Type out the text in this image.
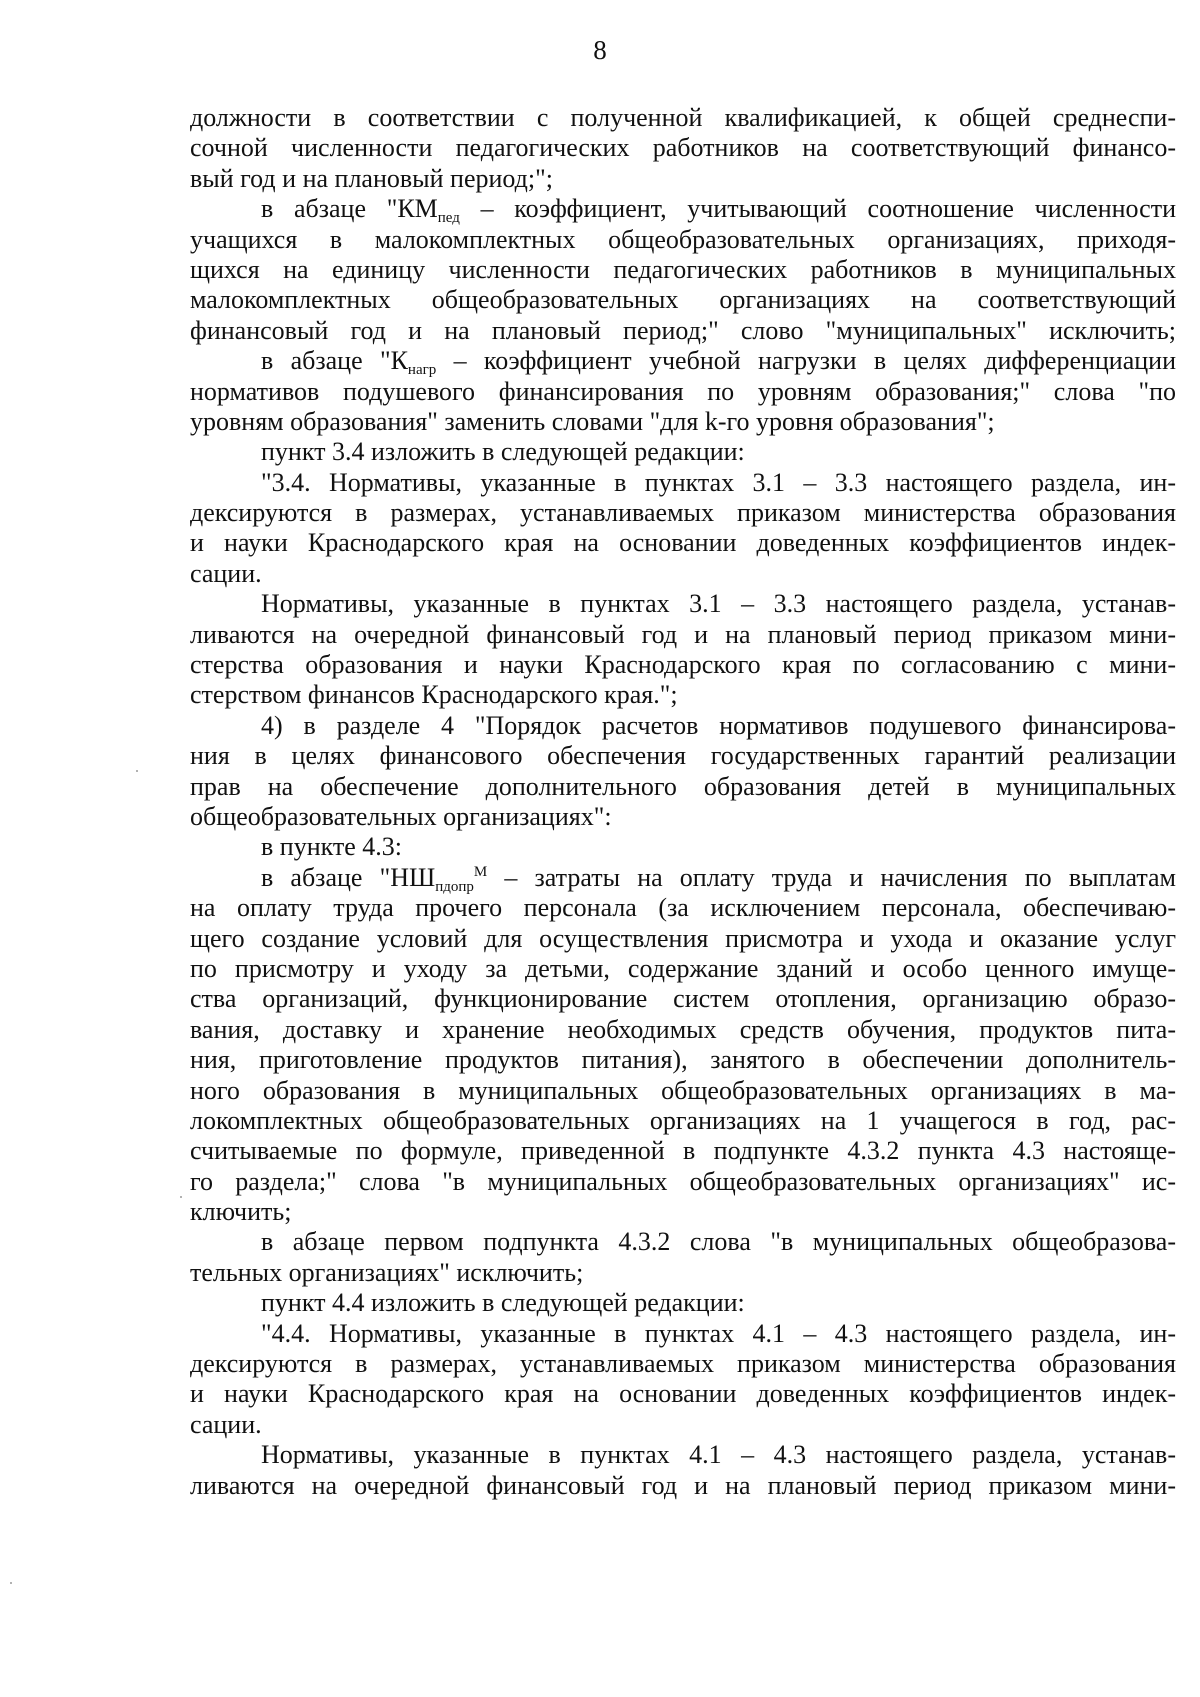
8
должности в соответствии с полученной квалификацией, к общей среднеспи-
сочной численности педагогических работников на соответствующий финансо-
вый год и на плановый период;";
в абзаце "$КМ_{пед}$ – коэффициент, учитывающий соотношение численности
учащихся в малокомплектных общеобразовательных организациях, приходя-
щихся на единицу численности педагогических работников в муниципальных
малокомплектных общеобразовательных организациях на соответствующий
финансовый год и на плановый период;" слово "муниципальных" исключить;
в абзаце "$К_{нагр}$ – коэффициент учебной нагрузки в целях дифференциации
нормативов подушевого финансирования по уровням образования;" слова "по
уровням образования" заменить словами "для k-го уровня образования";
пункт 3.4 изложить в следующей редакции:
"3.4. Нормативы, указанные в пунктах 3.1 – 3.3 настоящего раздела, ин-
дексируются в размерах, устанавливаемых приказом министерства образования
и науки Краснодарского края на основании доведенных коэффициентов индек-
сации.
Нормативы, указанные в пунктах 3.1 – 3.3 настоящего раздела, устанав-
ливаются на очередной финансовый год и на плановый период приказом мини-
стерства образования и науки Краснодарского края по согласованию с мини-
стерством финансов Краснодарского края.";
4) в разделе 4 "Порядок расчетов нормативов подушевого финансирова-
ния в целях финансового обеспечения государственных гарантий реализации
прав на обеспечение дополнительного образования детей в муниципальных
общеобразовательных организациях":
в пункте 4.3:
в абзаце "$НШ_{пдопр}^М$ – затраты на оплату труда и начисления по выплатам
на оплату труда прочего персонала (за исключением персонала, обеспечиваю-
щего создание условий для осуществления присмотра и ухода и оказание услуг
по присмотру и уходу за детьми, содержание зданий и особо ценного имуще-
ства организаций, функционирование систем отопления, организацию образо-
вания, доставку и хранение необходимых средств обучения, продуктов пита-
ния, приготовление продуктов питания), занятого в обеспечении дополнитель-
ного образования в муниципальных общеобразовательных организациях в ма-
локомплектных общеобразовательных организациях на 1 учащегося в год, рас-
считываемые по формуле, приведенной в подпункте 4.3.2 пункта 4.3 настояще-
го раздела;" слова "в муниципальных общеобразовательных организациях" ис-
ключить;
в абзаце первом подпункта 4.3.2 слова "в муниципальных общеобразова-
тельных организациях" исключить;
пункт 4.4 изложить в следующей редакции:
"4.4. Нормативы, указанные в пунктах 4.1 – 4.3 настоящего раздела, ин-
дексируются в размерах, устанавливаемых приказом министерства образования
и науки Краснодарского края на основании доведенных коэффициентов индек-
сации.
Нормативы, указанные в пунктах 4.1 – 4.3 настоящего раздела, устанав-
ливаются на очередной финансовый год и на плановый период приказом мини-
